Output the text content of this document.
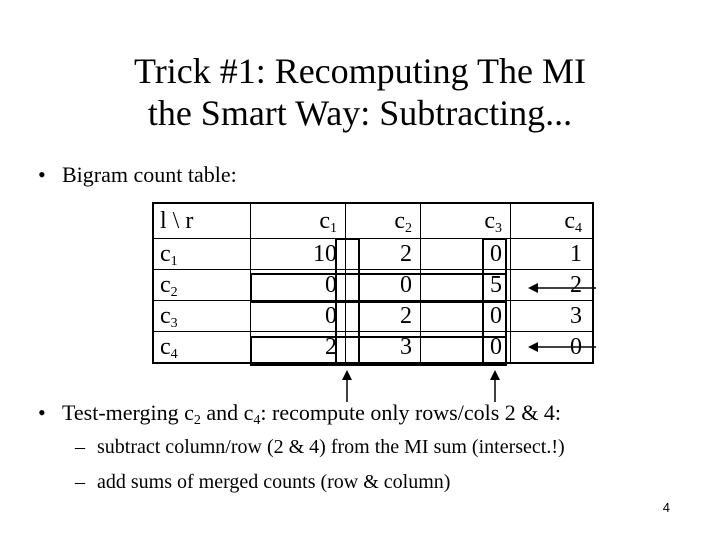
Trick #1: Recomputing The MI
the Smart Way: Subtracting...
• Bigram count table:
l \ r	$c_1$	$c_2$	$c_3$	$c_4$
$c_1$	10	2	0	1
$c_2$	0	0	5	2
$c_3$	0	2	0	3
$c_4$	2	3	0	0
• Test-merging $c_2$ and $c_4$: recompute only rows/cols 2 & 4:
– subtract column/row (2 & 4) from the MI sum (intersect.!)
– add sums of merged counts (row & column)
4
